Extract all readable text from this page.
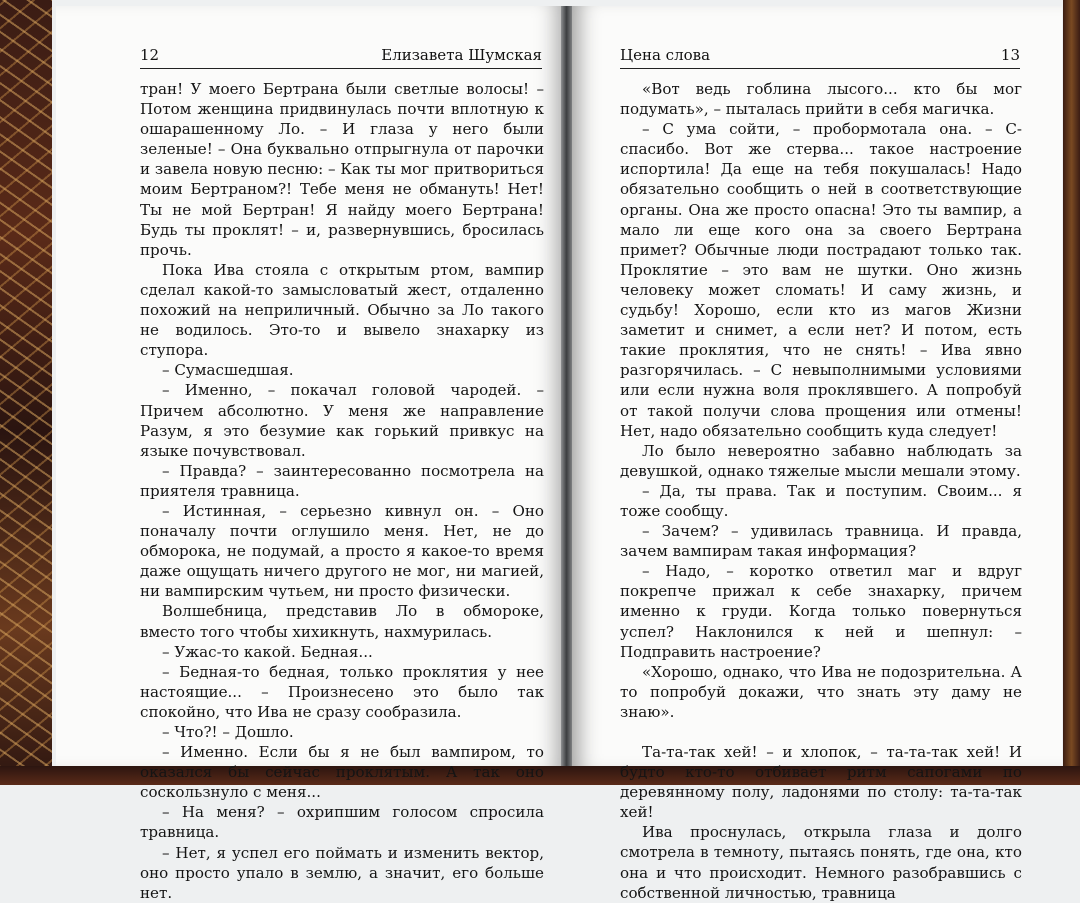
12	Елизавета Шумская

тран! У моего Бертрана были светлые волосы! – Потом женщина придвинулась почти вплотную к ошарашенному Ло. – И глаза у него были зеленые! – Она буквально отпрыгнула от парочки и завела новую песню: – Как ты мог притвориться моим Бертраном?! Тебе меня не обмануть! Нет! Ты не мой Бертран! Я найду моего Бертрана! Будь ты проклят! – и, развернувшись, бросилась прочь.

Пока Ива стояла с открытым ртом, вампир сделал какой-то замысловатый жест, отдаленно похожий на неприличный. Обычно за Ло такого не водилось. Это-то и вывело знахарку из ступора.

– Сумасшедшая.

– Именно, – покачал головой чародей. – Причем абсолютно. У меня же направление Разум, я это безумие как горький привкус на языке почувствовал.

– Правда? – заинтересованно посмотрела на приятеля травница.

– Истинная, – серьезно кивнул он. – Оно поначалу почти оглушило меня. Нет, не до обморока, не подумай, а просто я какое-то время даже ощущать ничего другого не мог, ни магией, ни вампирским чутьем, ни просто физически.

Волшебница, представив Ло в обмороке, вместо того чтобы хихикнуть, нахмурилась.

– Ужас-то какой. Бедная...

– Бедная-то бедная, только проклятия у нее настоящие... – Произнесено это было так спокойно, что Ива не сразу сообразила.

– Что?! – Дошло.

– Именно. Если бы я не был вампиром, то оказался бы сейчас проклятым. А так оно соскользнуло с меня...

– На меня? – охрипшим голосом спросила травница.

– Нет, я успел его поймать и изменить вектор, оно просто упало в землю, а значит, его больше нет.

Цена слова	13

«Вот ведь гоблина лысого... кто бы мог подумать», – пыталась прийти в себя магичка.

– С ума сойти, – пробормотала она. – С-спасибо. Вот же стерва... такое настроение испортила! Да еще на тебя покушалась! Надо обязательно сообщить о ней в соответствующие органы. Она же просто опасна! Это ты вампир, а мало ли еще кого она за своего Бертрана примет? Обычные люди пострадают только так. Проклятие – это вам не шутки. Оно жизнь человеку может сломать! И саму жизнь, и судьбу! Хорошо, если кто из магов Жизни заметит и снимет, а если нет? И потом, есть такие проклятия, что не снять! – Ива явно разгорячилась. – С невыполнимыми условиями или если нужна воля проклявшего. А попробуй от такой получи слова прощения или отмены! Нет, надо обязательно сообщить куда следует!

Ло было невероятно забавно наблюдать за девушкой, однако тяжелые мысли мешали этому.

– Да, ты права. Так и поступим. Своим... я тоже сообщу.

– Зачем? – удивилась травница. И правда, зачем вампирам такая информация?

– Надо, – коротко ответил маг и вдруг покрепче прижал к себе знахарку, причем именно к груди. Когда только повернуться успел? Наклонился к ней и шепнул: – Подправить настроение?

«Хорошо, однако, что Ива не подозрительна. А то попробуй докажи, что знать эту даму не знаю».

Та-та-так хей! – и хлопок, – та-та-так хей! И будто кто-то отбивает ритм сапогами по деревянному полу, ладонями по столу: та-та-так хей!

Ива проснулась, открыла глаза и долго смотрела в темноту, пытаясь понять, где она, кто она и что происходит. Немного разобравшись с собственной личностью, травница
